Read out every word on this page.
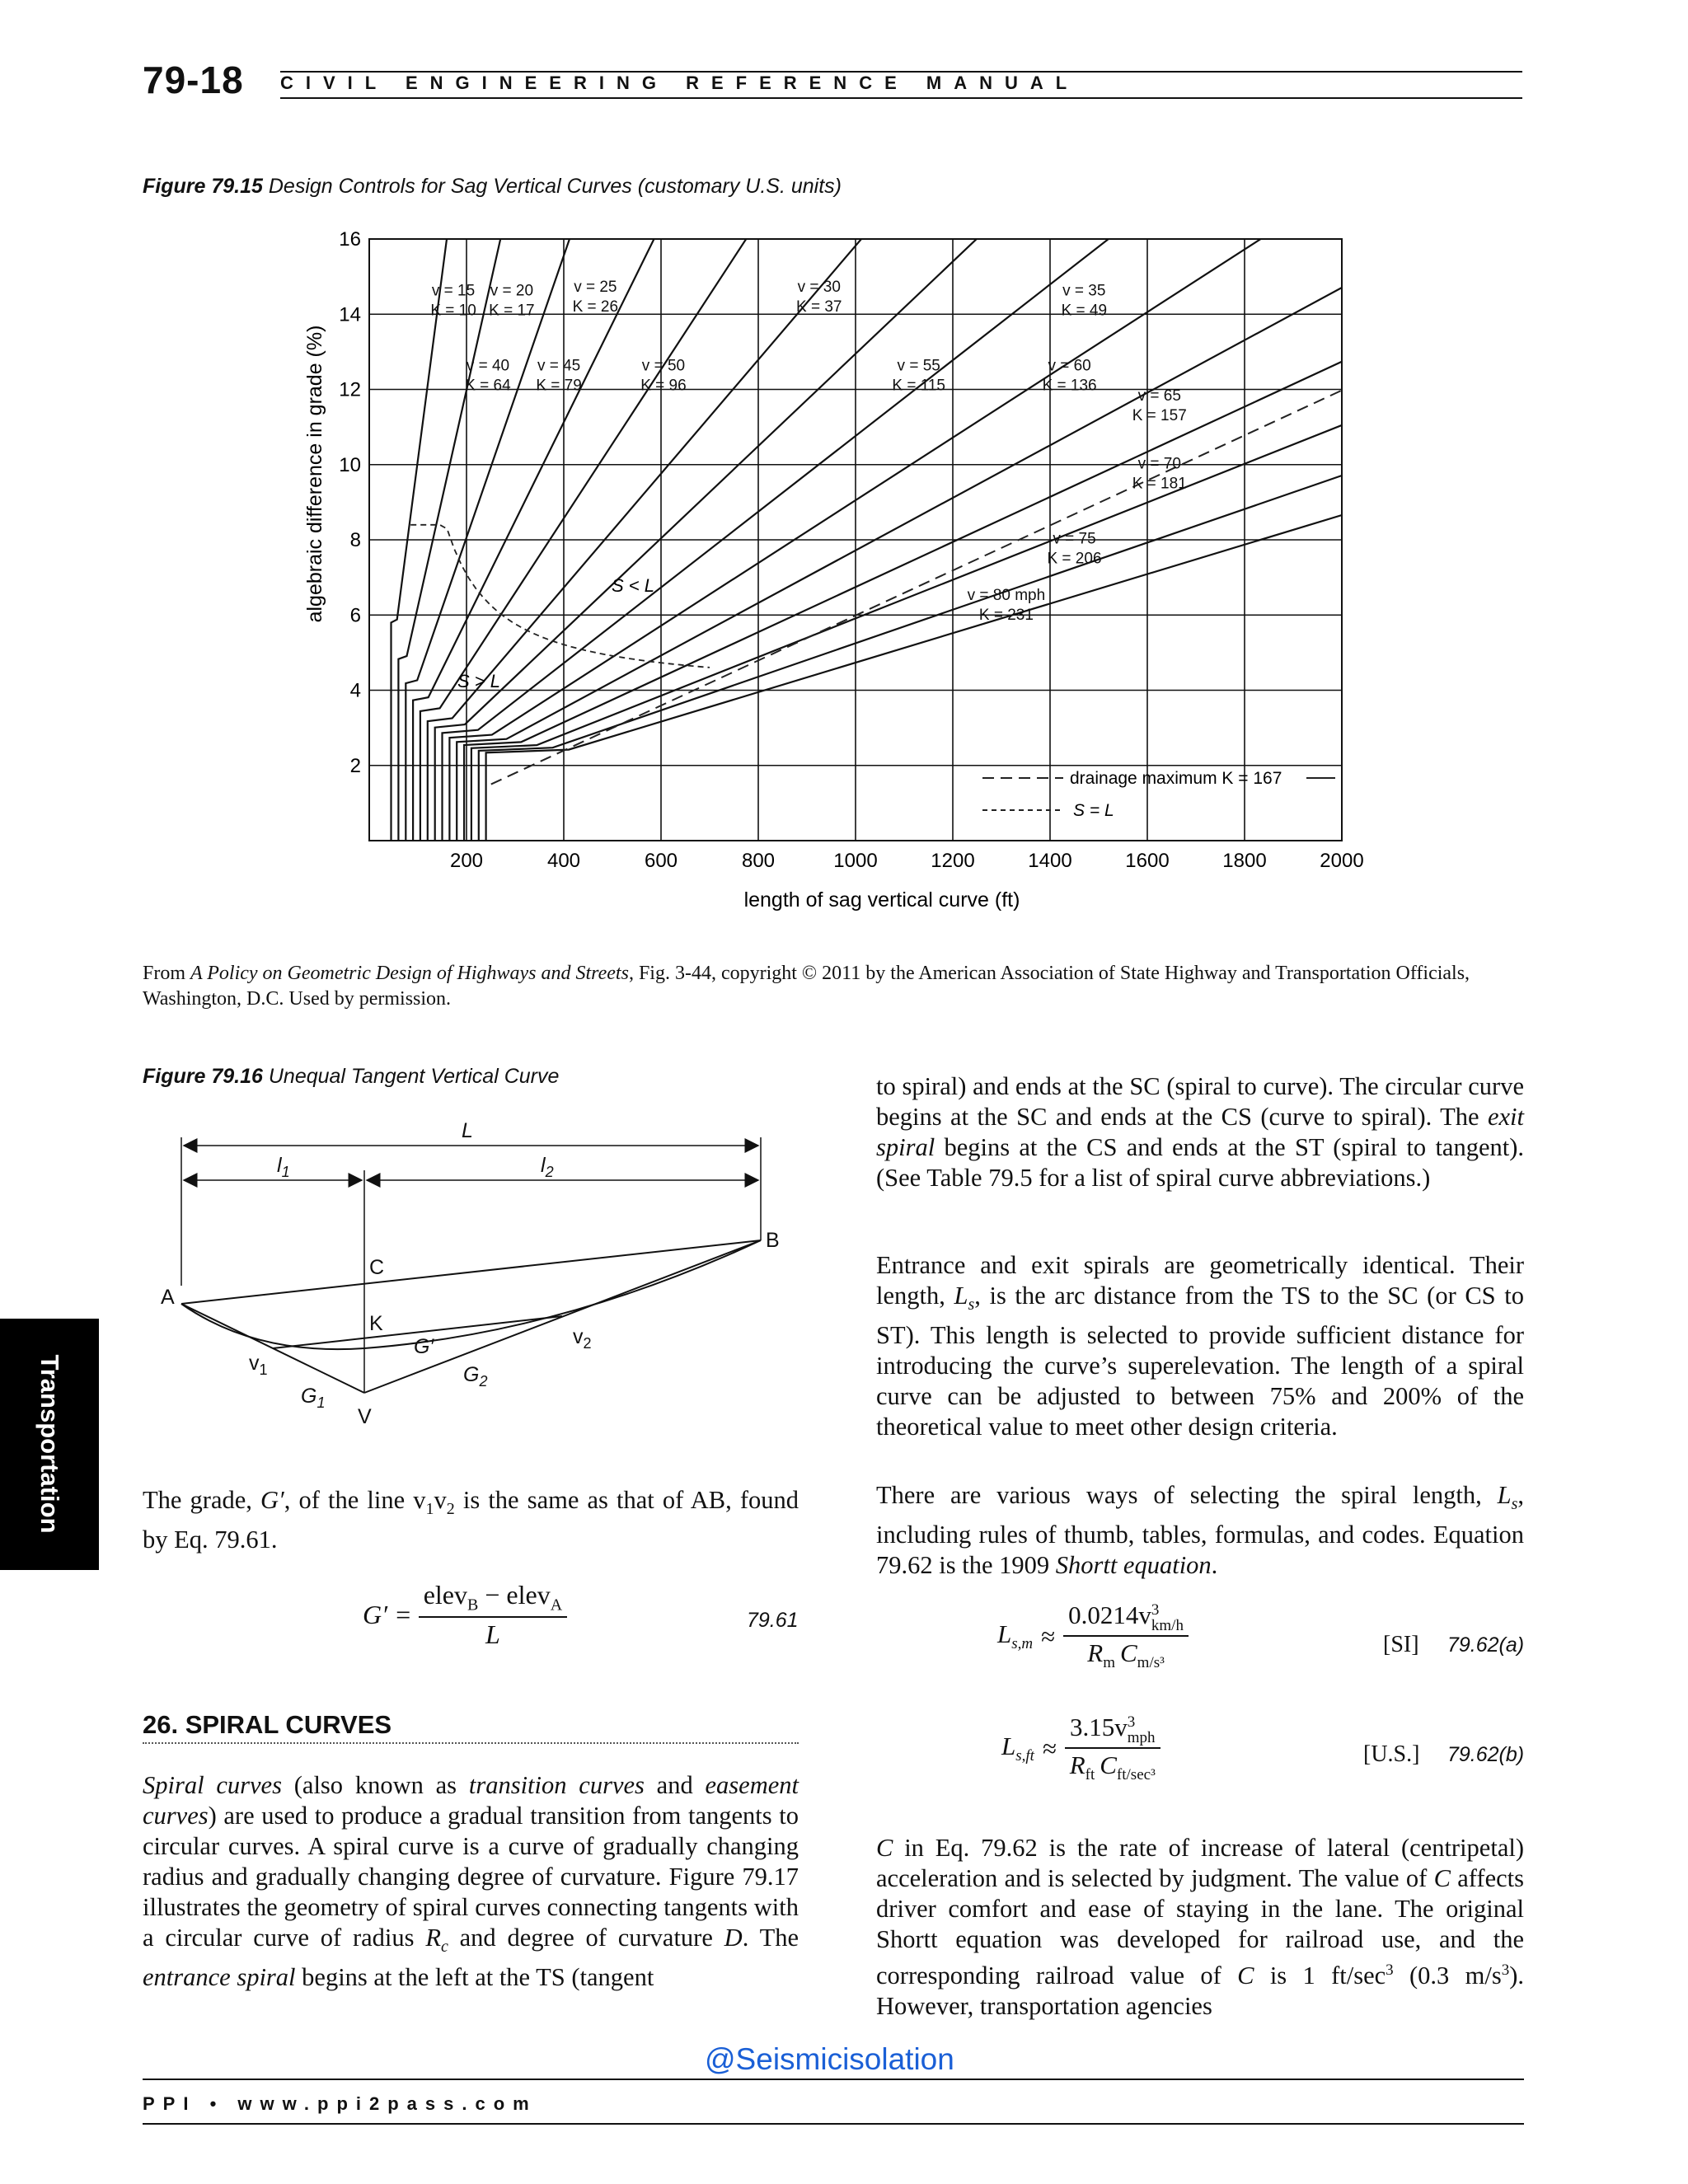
79-18 CIVIL ENGINEERING REFERENCE MANUAL
Figure 79.15 Design Controls for Sag Vertical Curves (customary U.S. units)
200	400	600	800	1000	1200	1400	1600	1800	2000
2
4
6
8
10
12
14
16
v = 15
K = 10
v = 20
K = 17
v = 25
K = 26
v = 30
K = 37
v = 35
K = 49
v = 40
K = 64
v = 45
K = 79
v = 50
K = 96
v = 55
K = 115
v = 60
K = 136
v = 65
K = 157
v = 70
K = 181
v = 75
K = 206
v = 80 mph
K = 231
algebraic difference in grade (%)
length of sag vertical curve (ft)
S < L
S > L
drainage maximum K = 167
S = L
From A Policy on Geometric Design of Highways and Streets, Fig. 3-44, copyright © 2011 by the American Association of State Highway and Transportation Officials, Washington, D.C. Used by permission.
Figure 79.16 Unequal Tangent Vertical Curve
L
$l_1$	$l_2$
A
B
C
K
V
$v_1$
$v_2$
$G_1$
$G_2$
G′

The grade, G′, of the line $v_1v_2$ is the same as that of AB, found by Eq. 79.61.

G′ =
elev$_B$ − elev$_A$
L	79.61
26. SPIRAL CURVES

Spiral curves (also known as transition curves and easement curves) are used to produce a gradual transition from tangents to circular curves. A spiral curve is a curve of gradually changing radius and gradually changing degree of curvature. Figure 79.17 illustrates the geometry of spiral curves connecting tangents with a circular curve of radius $R_c$ and degree of curvature D. The entrance spiral begins at the left at the TS (tangent

to spiral) and ends at the SC (spiral to curve). The circular curve begins at the SC and ends at the CS (curve to spiral). The exit spiral begins at the CS and ends at the ST (spiral to tangent). (See Table 79.5 for a list of spiral curve abbreviations.)

Entrance and exit spirals are geometrically identical. Their length, $L_s$, is the arc distance from the TS to the SC (or CS to ST). This length is selected to provide sufficient distance for introducing the curve’s superelevation. The length of a spiral curve can be adjusted to between 75% and 200% of the theoretical value to meet other design criteria.

There are various ways of selecting the spiral length, $L_s$, including rules of thumb, tables, formulas, and codes. Equation 79.62 is the 1909 Shortt equation.

$L_{s,m}$ ≈
0.0214v 3
km/h
$R_m$ $C_{m/s^3}$
[SI] 79.62(a)
$L_{s,ft}$ ≈
3.15v 3
mph
$R_{ft}$ $C_{ft/sec^3}$
[U.S.] 79.62(b)

C in Eq. 79.62 is the rate of increase of lateral (centripetal) acceleration and is selected by judgment. The value of C affects driver comfort and ease of staying in the lane. The original Shortt equation was developed for railroad use, and the corresponding railroad value of C is 1 $ft/\sec^3$ (0.3 $m/s^3$). However, transportation agencies

Transportation
@Seismicisolation
PPI • www.ppi2pass.com
